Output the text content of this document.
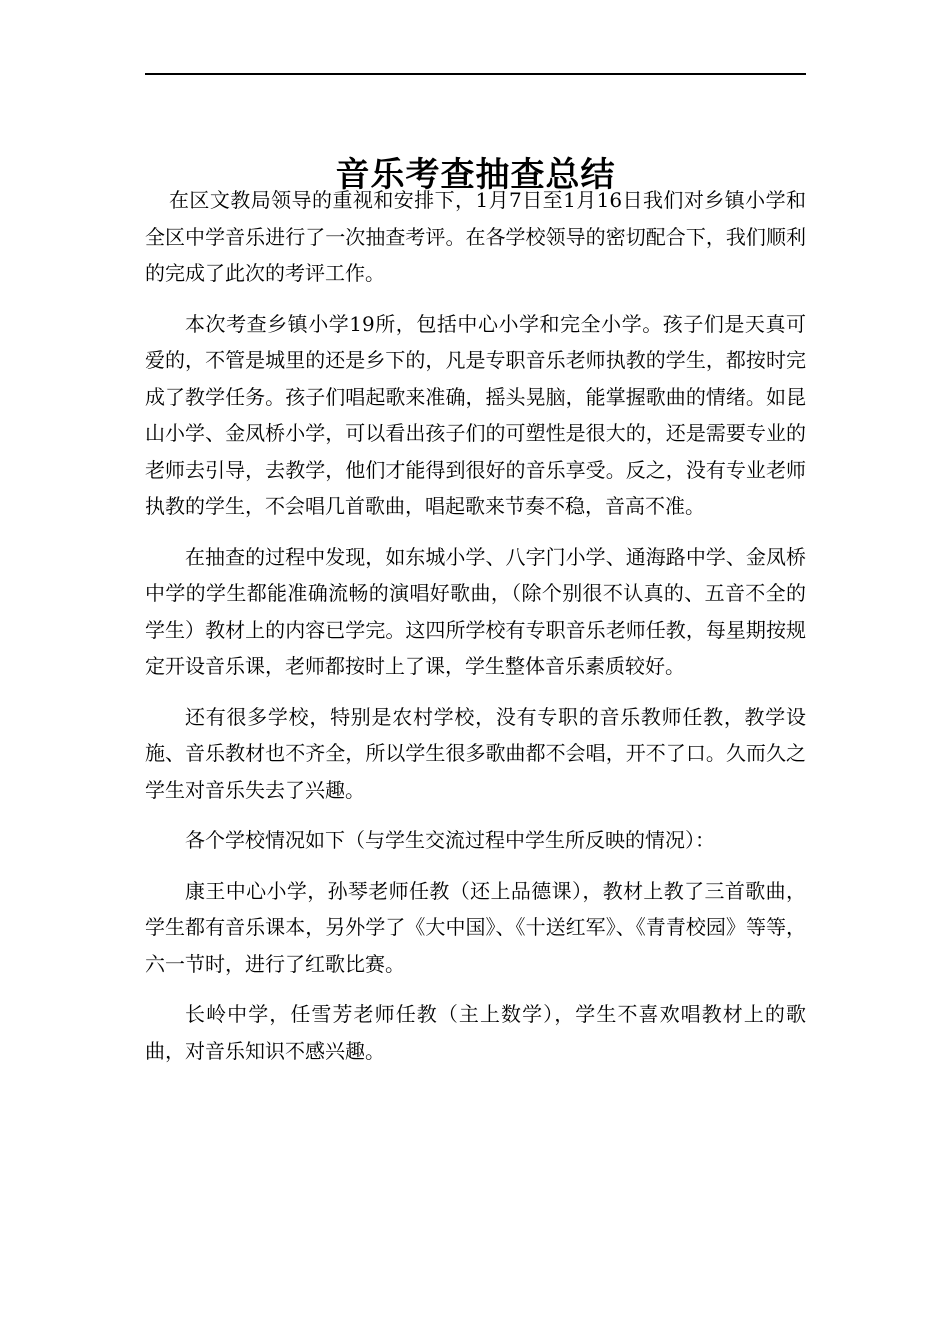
音乐考查抽查总结

在区文教局领导的重视和安排下，1月7日至1月16日我们对乡镇小学和全区中学音乐进行了一次抽查考评。在各学校领导的密切配合下，我们顺利的完成了此次的考评工作。

本次考查乡镇小学19所，包括中心小学和完全小学。孩子们是天真可爱的，不管是城里的还是乡下的，凡是专职音乐老师执教的学生，都按时完成了教学任务。孩子们唱起歌来准确，摇头晃脑，能掌握歌曲的情绪。如昆山小学、金凤桥小学，可以看出孩子们的可塑性是很大的，还是需要专业的老师去引导，去教学，他们才能得到很好的音乐享受。反之，没有专业老师执教的学生，不会唱几首歌曲，唱起歌来节奏不稳，音高不准。

在抽查的过程中发现，如东城小学、八字门小学、通海路中学、金凤桥中学的学生都能准确流畅的演唱好歌曲，（除个别很不认真的、五音不全的学生）教材上的内容已学完。这四所学校有专职音乐老师任教，每星期按规定开设音乐课，老师都按时上了课，学生整体音乐素质较好。

还有很多学校，特别是农村学校，没有专职的音乐教师任教，教学设施、音乐教材也不齐全，所以学生很多歌曲都不会唱，开不了口。久而久之学生对音乐失去了兴趣。

各个学校情况如下（与学生交流过程中学生所反映的情况）：

康王中心小学，孙琴老师任教（还上品德课），教材上教了三首歌曲，学生都有音乐课本，另外学了《大中国》、《十送红军》、《青青校园》等等，六一节时，进行了红歌比赛。

长岭中学，任雪芳老师任教（主上数学），学生不喜欢唱教材上的歌曲，对音乐知识不感兴趣。
